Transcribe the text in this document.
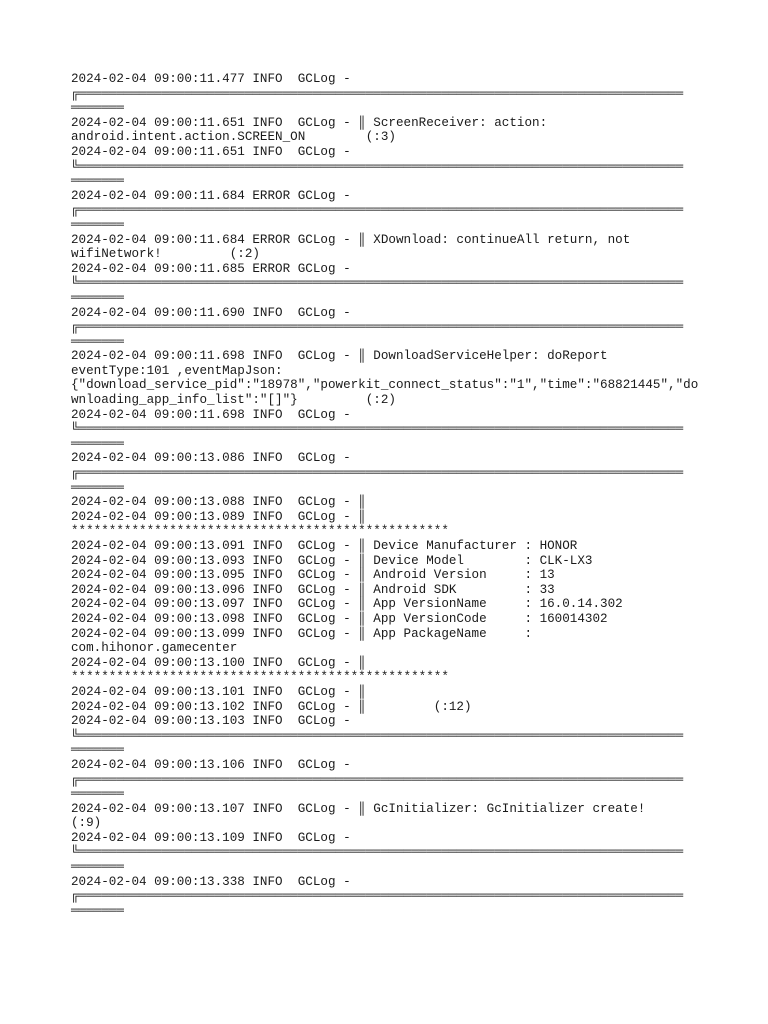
2024-02-04 09:00:11.477 INFO  GCLog -
╔════════════════════════════════════════════════════════════════════════════════
═══════
2024-02-04 09:00:11.651 INFO  GCLog - ║ ScreenReceiver: action:
android.intent.action.SCREEN_ON        (:3)
2024-02-04 09:00:11.651 INFO  GCLog -
╚════════════════════════════════════════════════════════════════════════════════
═══════
2024-02-04 09:00:11.684 ERROR GCLog -
╔════════════════════════════════════════════════════════════════════════════════
═══════
2024-02-04 09:00:11.684 ERROR GCLog - ║ XDownload: continueAll return, not
wifiNetwork!         (:2)
2024-02-04 09:00:11.685 ERROR GCLog -
╚════════════════════════════════════════════════════════════════════════════════
═══════
2024-02-04 09:00:11.690 INFO  GCLog -
╔════════════════════════════════════════════════════════════════════════════════
═══════
2024-02-04 09:00:11.698 INFO  GCLog - ║ DownloadServiceHelper: doReport
eventType:101 ,eventMapJson:
{"download_service_pid":"18978","powerkit_connect_status":"1","time":"68821445","do
wnloading_app_info_list":"[]"}         (:2)
2024-02-04 09:00:11.698 INFO  GCLog -
╚════════════════════════════════════════════════════════════════════════════════
═══════
2024-02-04 09:00:13.086 INFO  GCLog -
╔════════════════════════════════════════════════════════════════════════════════
═══════
2024-02-04 09:00:13.088 INFO  GCLog - ║
2024-02-04 09:00:13.089 INFO  GCLog - ║
**************************************************
2024-02-04 09:00:13.091 INFO  GCLog - ║ Device Manufacturer : HONOR
2024-02-04 09:00:13.093 INFO  GCLog - ║ Device Model        : CLK-LX3
2024-02-04 09:00:13.095 INFO  GCLog - ║ Android Version     : 13
2024-02-04 09:00:13.096 INFO  GCLog - ║ Android SDK         : 33
2024-02-04 09:00:13.097 INFO  GCLog - ║ App VersionName     : 16.0.14.302
2024-02-04 09:00:13.098 INFO  GCLog - ║ App VersionCode     : 160014302
2024-02-04 09:00:13.099 INFO  GCLog - ║ App PackageName     :
com.hihonor.gamecenter
2024-02-04 09:00:13.100 INFO  GCLog - ║
**************************************************
2024-02-04 09:00:13.101 INFO  GCLog - ║
2024-02-04 09:00:13.102 INFO  GCLog - ║         (:12)
2024-02-04 09:00:13.103 INFO  GCLog -
╚════════════════════════════════════════════════════════════════════════════════
═══════
2024-02-04 09:00:13.106 INFO  GCLog -
╔════════════════════════════════════════════════════════════════════════════════
═══════
2024-02-04 09:00:13.107 INFO  GCLog - ║ GcInitializer: GcInitializer create!
(:9)
2024-02-04 09:00:13.109 INFO  GCLog -
╚════════════════════════════════════════════════════════════════════════════════
═══════
2024-02-04 09:00:13.338 INFO  GCLog -
╔════════════════════════════════════════════════════════════════════════════════
═══════
